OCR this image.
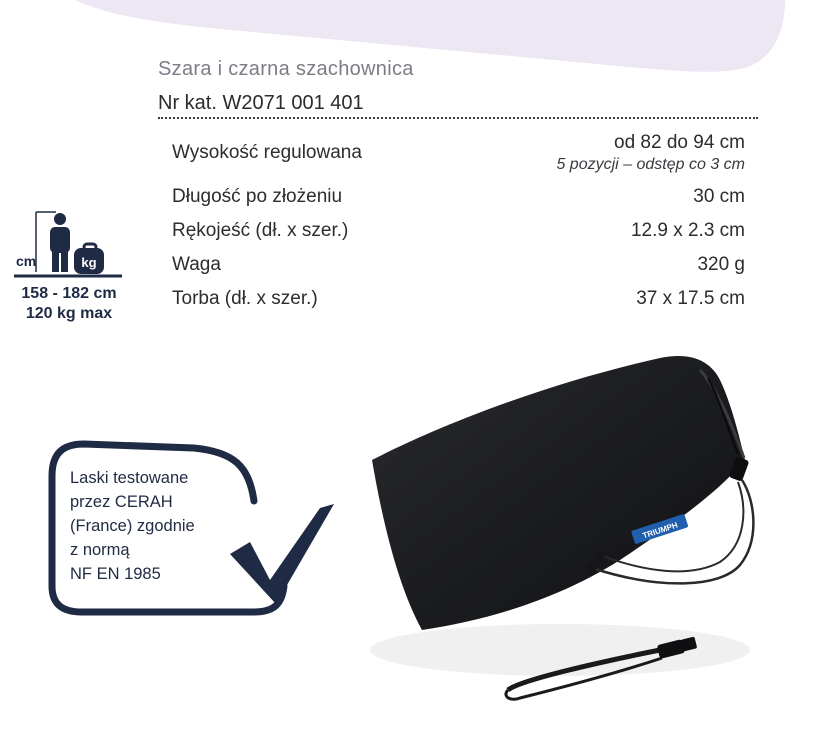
Szara i czarna szachownica
Nr kat. W2071 001 401
Wysokość regulowana	od 82 do 94 cm
5 pozycji – odstęp co 3 cm
Długość po złożeniu	30 cm
Rękojeść (dł. x szer.)	12.9 x 2.3 cm
Waga	320 g
Torba (dł. x szer.)	37 x 17.5 cm
kg
cm
158 - 182 cm
120 kg max
Laski testowane
przez CERAH
(France) zgodnie
z normą
NF EN 1985
TRIUMPH
